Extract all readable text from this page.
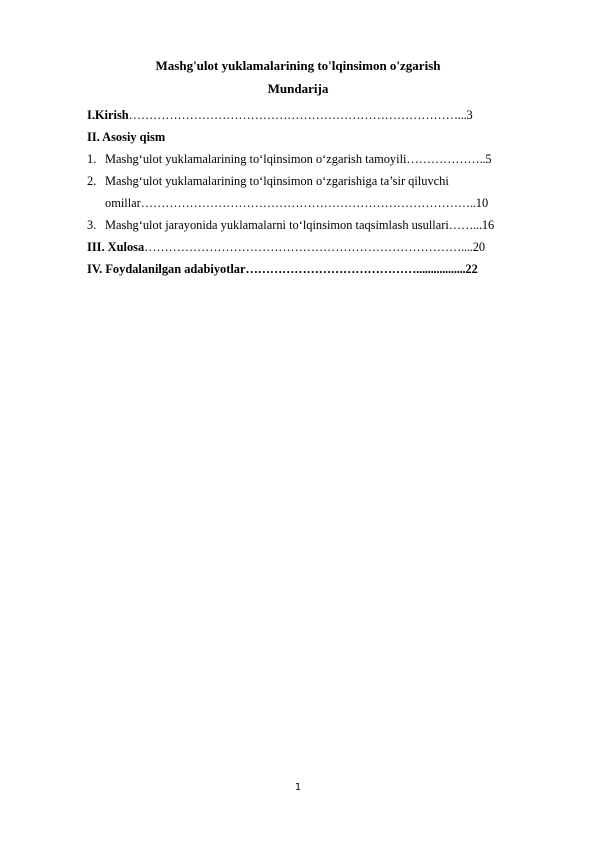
Mashg'ulot yuklamalarining to'lqinsimon o'zgarish
Mundarija
I.Kirish………………………………………………………………………...3
II. Asosiy qism
1. Mashg‘ulot yuklamalarining to‘lqinsimon o‘zgarish tamoyili………………..5
2. Mashg‘ulot yuklamalarining to‘lqinsimon o‘zgarishiga ta’sir qiluvchi
omillar………………………………………………………………………..10
3. Mashg‘ulot jarayonida yuklamalarni to‘lqinsimon taqsimlash usullari……...16
III. Xulosa……………………………………………………………………....20
IV. Foydalanilgan adabiyotlar…………………………………….................22
1
